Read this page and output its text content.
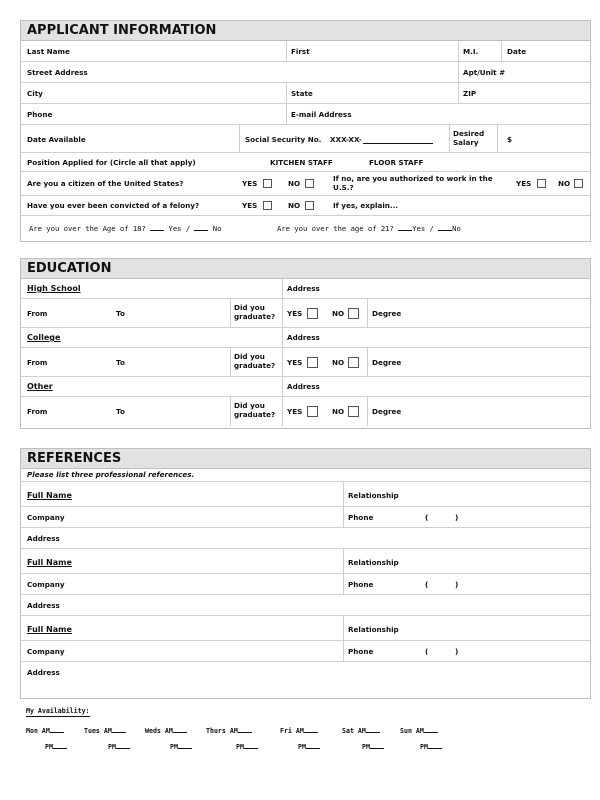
APPLICANT INFORMATION
Last Name	First	M.I.	Date
Street Address	Apt/Unit #
City	State	ZIP
Phone	E-mail Address
Date Available	Social Security No. XXX-XX-
Desired
Salary	$
Position Applied for (Circle all that apply)	KITCHEN STAFF	FLOOR STAFF
Are you a citizen of the United States?	YES	NO
If no, are you authorized to work in the
U.S.?	YES	NO
Have you ever been convicted of a felony?	YES	NO	If yes, explain...
Are you over the Age of 18?	Yes /	No	Are you over the age of 21?	Yes /	No
EDUCATION
High School	Address
From	To
Did you
graduate? YES	NO	Degree
College	Address
From	To
Did you
graduate? YES	NO	Degree
Other	Address
From	To
Did you
graduate? YES	NO	Degree
REFERENCES
Please list three professional references.
Full Name	Relationship
Company	Phone	(	)
Address
Full Name	Relationship
Company	Phone	(	)
Address
Full Name	Relationship
Company	Phone	(	)
Address
My Availability:
Mon AM	Tues AM	Weds AM	Thurs AM	Fri AM	Sat AM	Sun AM
PM	PM	PM	PM	PM	PM	PM
